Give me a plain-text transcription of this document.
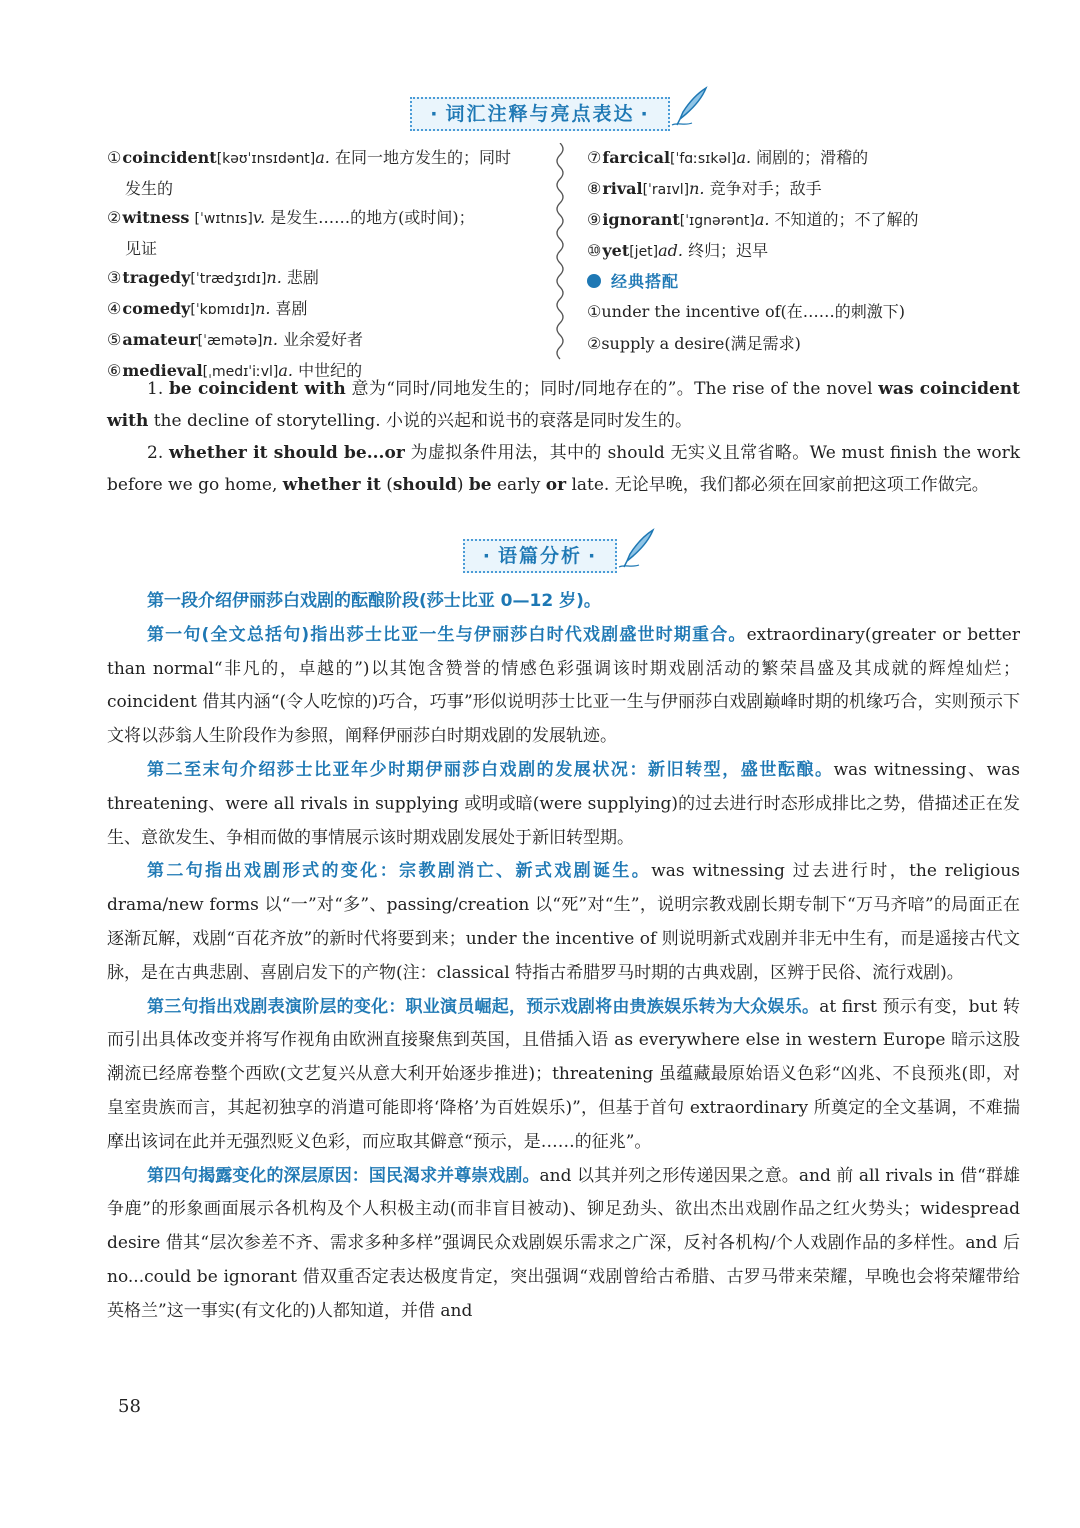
· 词汇注释与亮点表达 ·
①coincident[kəʊˈɪnsɪdənt]a. 在同一地方发生的；同时
发生的
②witness [ˈwɪtnɪs]v. 是发生……的地方(或时间)；
见证
③tragedy[ˈtrædʒɪdɪ]n. 悲剧
④comedy[ˈkɒmɪdɪ]n. 喜剧
⑤amateur[ˈæmətə]n. 业余爱好者
⑥medieval[ˌmedɪˈiːvl]a. 中世纪的
⑦farcical[ˈfɑːsɪkəl]a. 闹剧的；滑稽的
⑧rival[ˈraɪvl]n. 竞争对手；敌手
⑨ignorant[ˈɪgnərənt]a. 不知道的；不了解的
⑩yet[jet]ad. 终归；迟早
经典搭配
①under the incentive of(在……的刺激下)
②supply a desire(满足需求)
1. be coincident with 意为“同时/同地发生的；同时/同地存在的”。The rise of the novel was coincident with the decline of storytelling. 小说的兴起和说书的衰落是同时发生的。
2. whether it should be...or 为虚拟条件用法，其中的 should 无实义且常省略。We must finish the work before we go home, whether it (should) be early or late. 无论早晚，我们都必须在回家前把这项工作做完。
· 语篇分析 ·
第一段介绍伊丽莎白戏剧的酝酿阶段(莎士比亚 0—12 岁)。
第一句(全文总括句)指出莎士比亚一生与伊丽莎白时代戏剧盛世时期重合。extraordinary(greater or better than normal“非凡的，卓越的”)以其饱含赞誉的情感色彩强调该时期戏剧活动的繁荣昌盛及其成就的辉煌灿烂；coincident 借其内涵“(令人吃惊的)巧合，巧事”形似说明莎士比亚一生与伊丽莎白戏剧巅峰时期的机缘巧合，实则预示下文将以莎翁人生阶段作为参照，阐释伊丽莎白时期戏剧的发展轨迹。
第二至末句介绍莎士比亚年少时期伊丽莎白戏剧的发展状况：新旧转型，盛世酝酿。was witnessing、was threatening、were all rivals in supplying 或明或暗(were supplying)的过去进行时态形成排比之势，借描述正在发生、意欲发生、争相而做的事情展示该时期戏剧发展处于新旧转型期。
第二句指出戏剧形式的变化：宗教剧消亡、新式戏剧诞生。was witnessing 过去进行时，the religious drama/new forms 以“一”对“多”、passing/creation 以“死”对“生”，说明宗教戏剧长期专制下“万马齐喑”的局面正在逐渐瓦解，戏剧“百花齐放”的新时代将要到来；under the incentive of 则说明新式戏剧并非无中生有，而是遥接古代文脉，是在古典悲剧、喜剧启发下的产物(注：classical 特指古希腊罗马时期的古典戏剧，区辨于民俗、流行戏剧)。
第三句指出戏剧表演阶层的变化：职业演员崛起，预示戏剧将由贵族娱乐转为大众娱乐。at first 预示有变，but 转而引出具体改变并将写作视角由欧洲直接聚焦到英国，且借插入语 as everywhere else in western Europe 暗示这股潮流已经席卷整个西欧(文艺复兴从意大利开始逐步推进)；threatening 虽蕴藏最原始语义色彩“凶兆、不良预兆(即，对皇室贵族而言，其起初独享的消遣可能即将‘降格’为百姓娱乐)”，但基于首句 extraordinary 所奠定的全文基调，不难揣摩出该词在此并无强烈贬义色彩，而应取其僻意“预示，是……的征兆”。
第四句揭露变化的深层原因：国民渴求并尊崇戏剧。and 以其并列之形传递因果之意。and 前 all rivals in 借“群雄争鹿”的形象画面展示各机构及个人积极主动(而非盲目被动)、铆足劲头、欲出杰出戏剧作品之红火势头；widespread desire 借其“层次参差不齐、需求多种多样”强调民众戏剧娱乐需求之广深，反衬各机构/个人戏剧作品的多样性。and 后 no...could be ignorant 借双重否定表达极度肯定，突出强调“戏剧曾给古希腊、古罗马带来荣耀，早晚也会将荣耀带给英格兰”这一事实(有文化的)人都知道，并借 and
58
